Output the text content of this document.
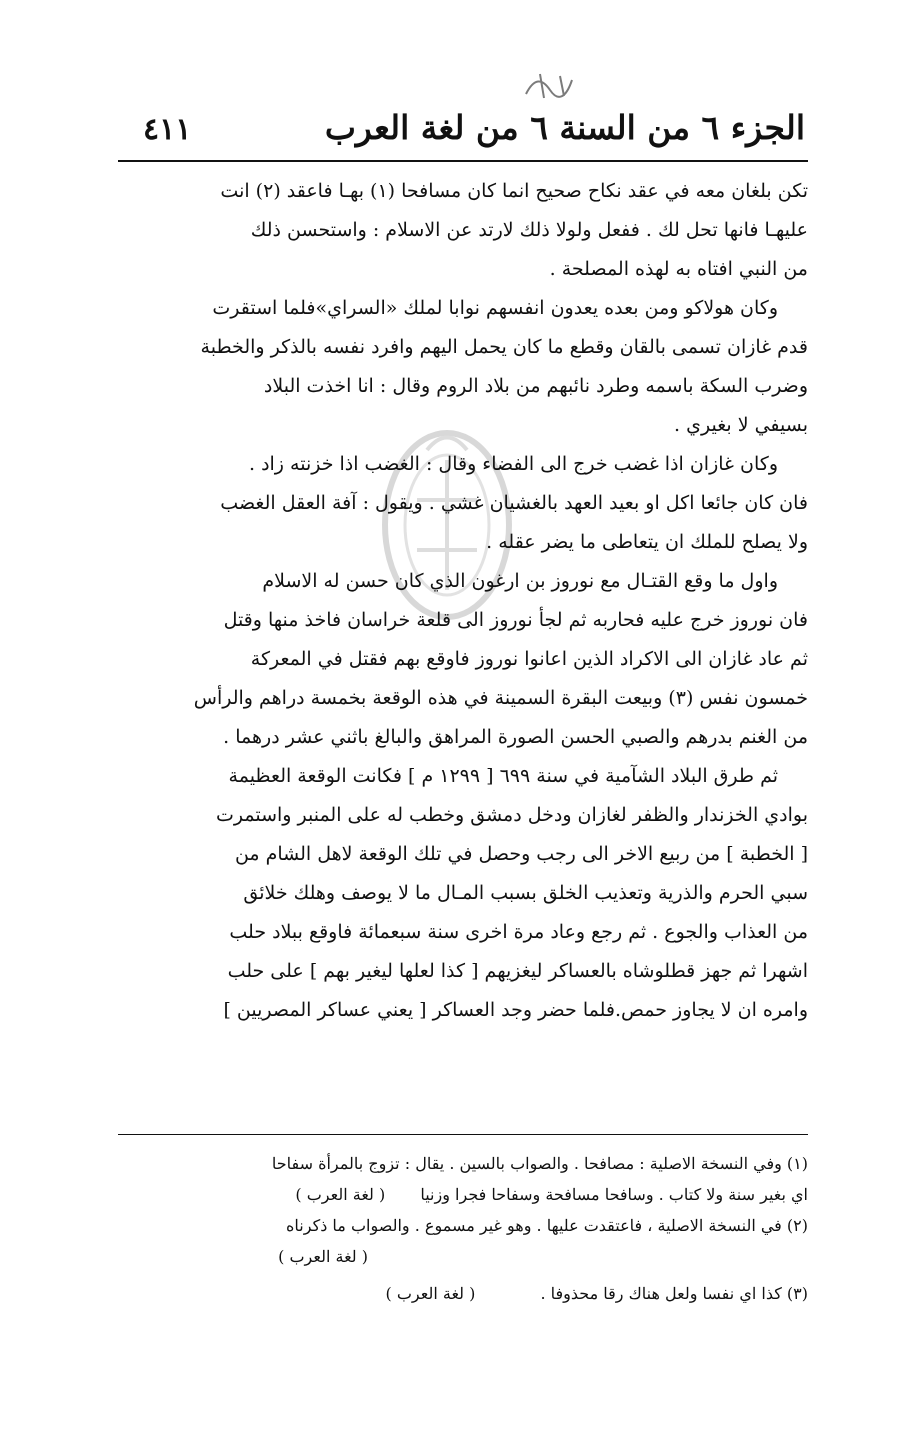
الجزء ٦ من السنة ٦ من لغة العرب
٤١١
تكن بلغان معه في عقد نكاح صحيح انما كان مسافحا (١) بهـا فاعقد (٢) انت
عليهـا فانها تحل لك . ففعل ولولا ذلك لارتد عن الاسلام : واستحسن ذلك
من النبي افتاه به لهذه المصلحة .
وكان هولاكو ومن بعده يعدون انفسهم نوابا لملك «السراي»فلما استقرت
قدم غازان تسمى بالقان وقطع ما كان يحمل اليهم وافرد نفسه بالذكر والخطبة
وضرب السكة باسمه وطرد نائبهم من بلاد الروم وقال : انا اخذت البلاد
بسيفي لا بغيري .
وكان غازان اذا غضب خرج الى الفضاء وقال : الغضب اذا خزنته زاد .
فان كان جائعا اكل او بعيد العهد بالغشيان غشي . ويقول : آفة العقل الغضب
ولا يصلح للملك ان يتعاطى ما يضر عقله .
واول ما وقع القتـال مع نوروز بن ارغون الذي كان حسن له الاسلام
فان نوروز خرج عليه فحاربه ثم لجأ نوروز الى قلعة خراسان فاخذ منها وقتل
ثم عاد غازان الى الاكراد الذين اعانوا نوروز فاوقع بهم فقتل في المعركة
خمسون نفس (٣) وبيعت البقرة السمينة في هذه الوقعة بخمسة دراهم والرأس
من الغنم بدرهم والصبي الحسن الصورة المراهق والبالغ باثني عشر درهما .
ثم طرق البلاد الشآمية في سنة ٦٩٩ [ ١٢٩٩ م ] فكانت الوقعة العظيمة
بوادي الخزندار والظفر لغازان ودخل دمشق وخطب له على المنبر واستمرت
[ الخطبة ] من ربيع الاخر الى رجب وحصل في تلك الوقعة لاهل الشام من
سبي الحرم والذرية وتعذيب الخلق بسبب المـال ما لا يوصف وهلك خلائق
من العذاب والجوع . ثم رجع وعاد مرة اخرى سنة سبعمائة فاوقع ببلاد حلب
اشهرا ثم جهز قطلوشاه بالعساكر ليغزيهم [ كذا لعلها ليغير بهم ] على حلب
وامره ان لا يجاوز حمص.فلما حضر وجد العساكر [ يعني عساكر المصريين ]
(١) وفي النسخة الاصلية : مصافحا . والصواب بالسين . يقال : تزوج بالمرأة سفاحا
اي بغير سنة ولا كتاب . وسافحا مسافحة وسفاحا فجرا وزنيا ( لغة العرب )
(٢) في النسخة الاصلية ، فاعتقدت عليها . وهو غير مسموع . والصواب ما ذكرناه
( لغة العرب )
(٣) كذا اي نفسا ولعل هناك رقا محذوفا . ( لغة العرب )
